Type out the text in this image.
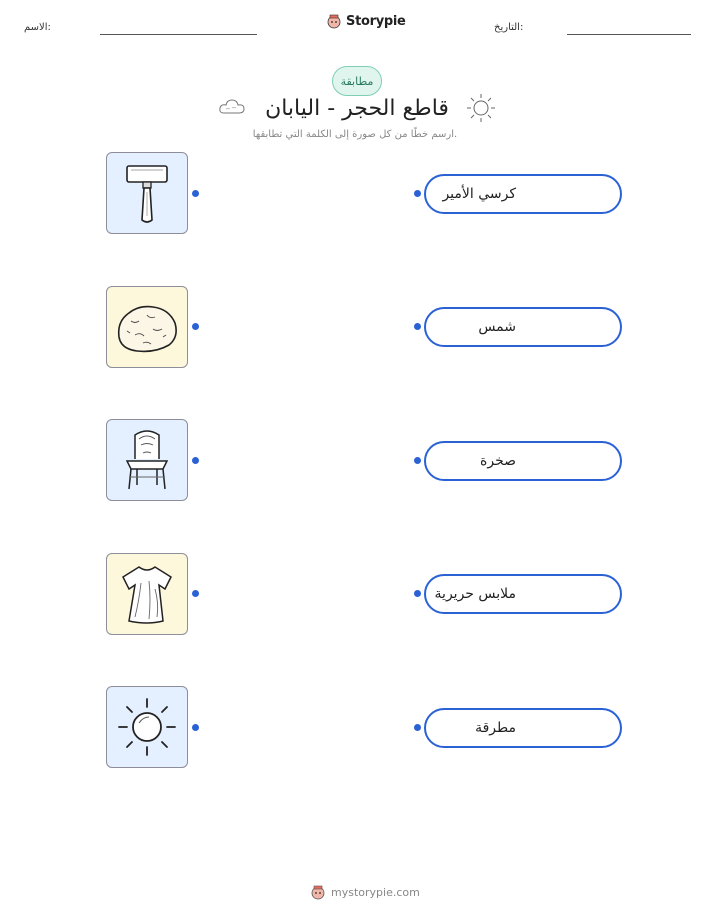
الاسم:	Storypie	التاريخ:
مطابقة
قاطع الحجر - اليابان
ارسم خطًا من كل صورة إلى الكلمة التي تطابقها.
كرسي الأمير
شمس
صخرة
ملابس حريرية
مطرقة
mystorypie.com
